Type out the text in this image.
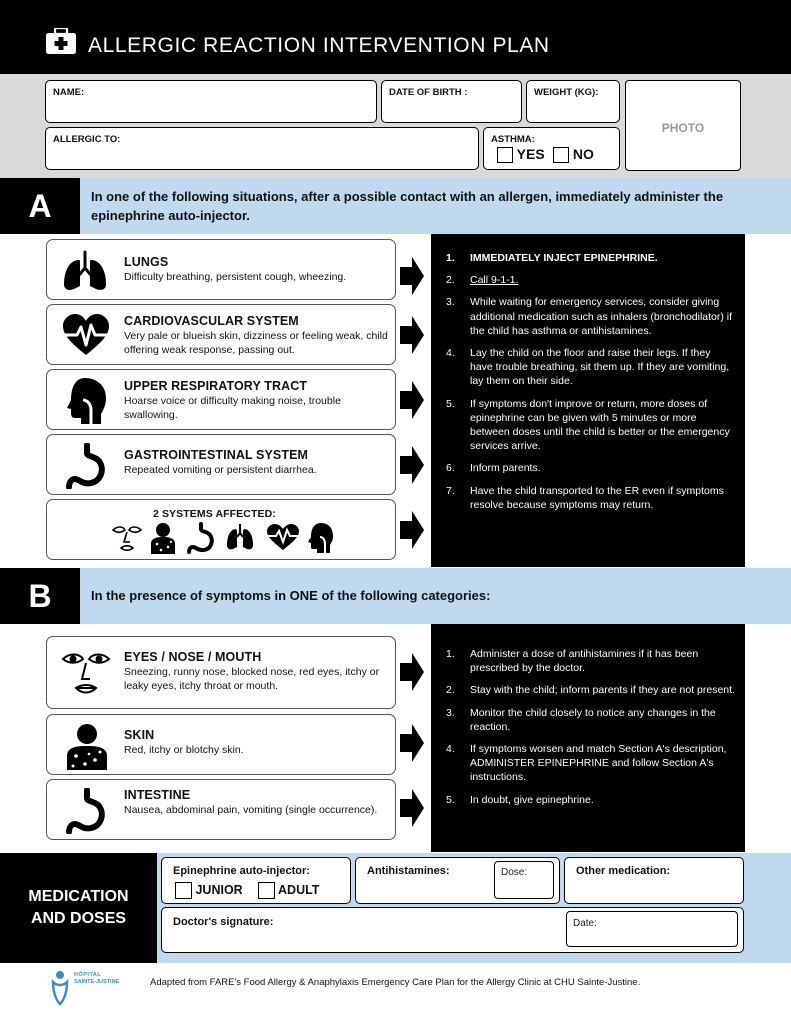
ALLERGIC REACTION INTERVENTION PLAN
NAME:	DATE OF BIRTH :	WEIGHT (KG):
PHOTO
ALLERGIC TO:	ASTHMA:
YES	NO
A	In one of the following situations, after a possible contact with an allergen, immediately administer the epinephrine auto-injector.
LUNGS
Difficulty breathing, persistent cough, wheezing.
CARDIOVASCULAR SYSTEM
Very pale or blueish skin, dizziness or feeling weak, child offering weak response, passing out.
UPPER RESPIRATORY TRACT
Hoarse voice or difficulty making noise, trouble swallowing.
GASTROINTESTINAL SYSTEM
Repeated vomiting or persistent diarrhea.
2 SYSTEMS AFFECTED:
1. IMMEDIATELY INJECT EPINEPHRINE.
2. Call 9-1-1.
3. While waiting for emergency services, consider giving additional medication such as inhalers (bronchodilator) if the child has asthma or antihistamines.
4. Lay the child on the floor and raise their legs. If they have trouble breathing, sit them up. If they are vomiting, lay them on their side.
5. If symptoms don't improve or return, more doses of epinephrine can be given with 5 minutes or more between doses until the child is better or the emergency services arrive.
6. Inform parents.
7. Have the child transported to the ER even if symptoms resolve because symptoms may return.
B	In the presence of symptoms in ONE of the following categories:
EYES / NOSE / MOUTH
Sneezing, runny nose, blocked nose, red eyes, itchy or leaky eyes, itchy throat or mouth.
SKIN
Red, itchy or blotchy skin.
INTESTINE
Nausea, abdominal pain, vomiting (single occurrence).
1. Administer a dose of antihistamines if it has been prescribed by the doctor.
2. Stay with the child; inform parents if they are not present.
3. Monitor the child closely to notice any changes in the reaction.
4. If symptoms worsen and match Section A's description, ADMINISTER EPINEPHRINE and follow Section A's instructions.
5. In doubt, give epinephrine.
MEDICATION
AND DOSES
Epinephrine auto-injector:
JUNIOR	ADULT
Antihistamines:	Dose:	Other medication:
Doctor's signature:	Date:
HÔPITAL
SAINTE-JUSTINE	Adapted from FARE's Food Allergy & Anaphylaxis Emergency Care Plan for the Allergy Clinic at CHU Sainte-Justine.
